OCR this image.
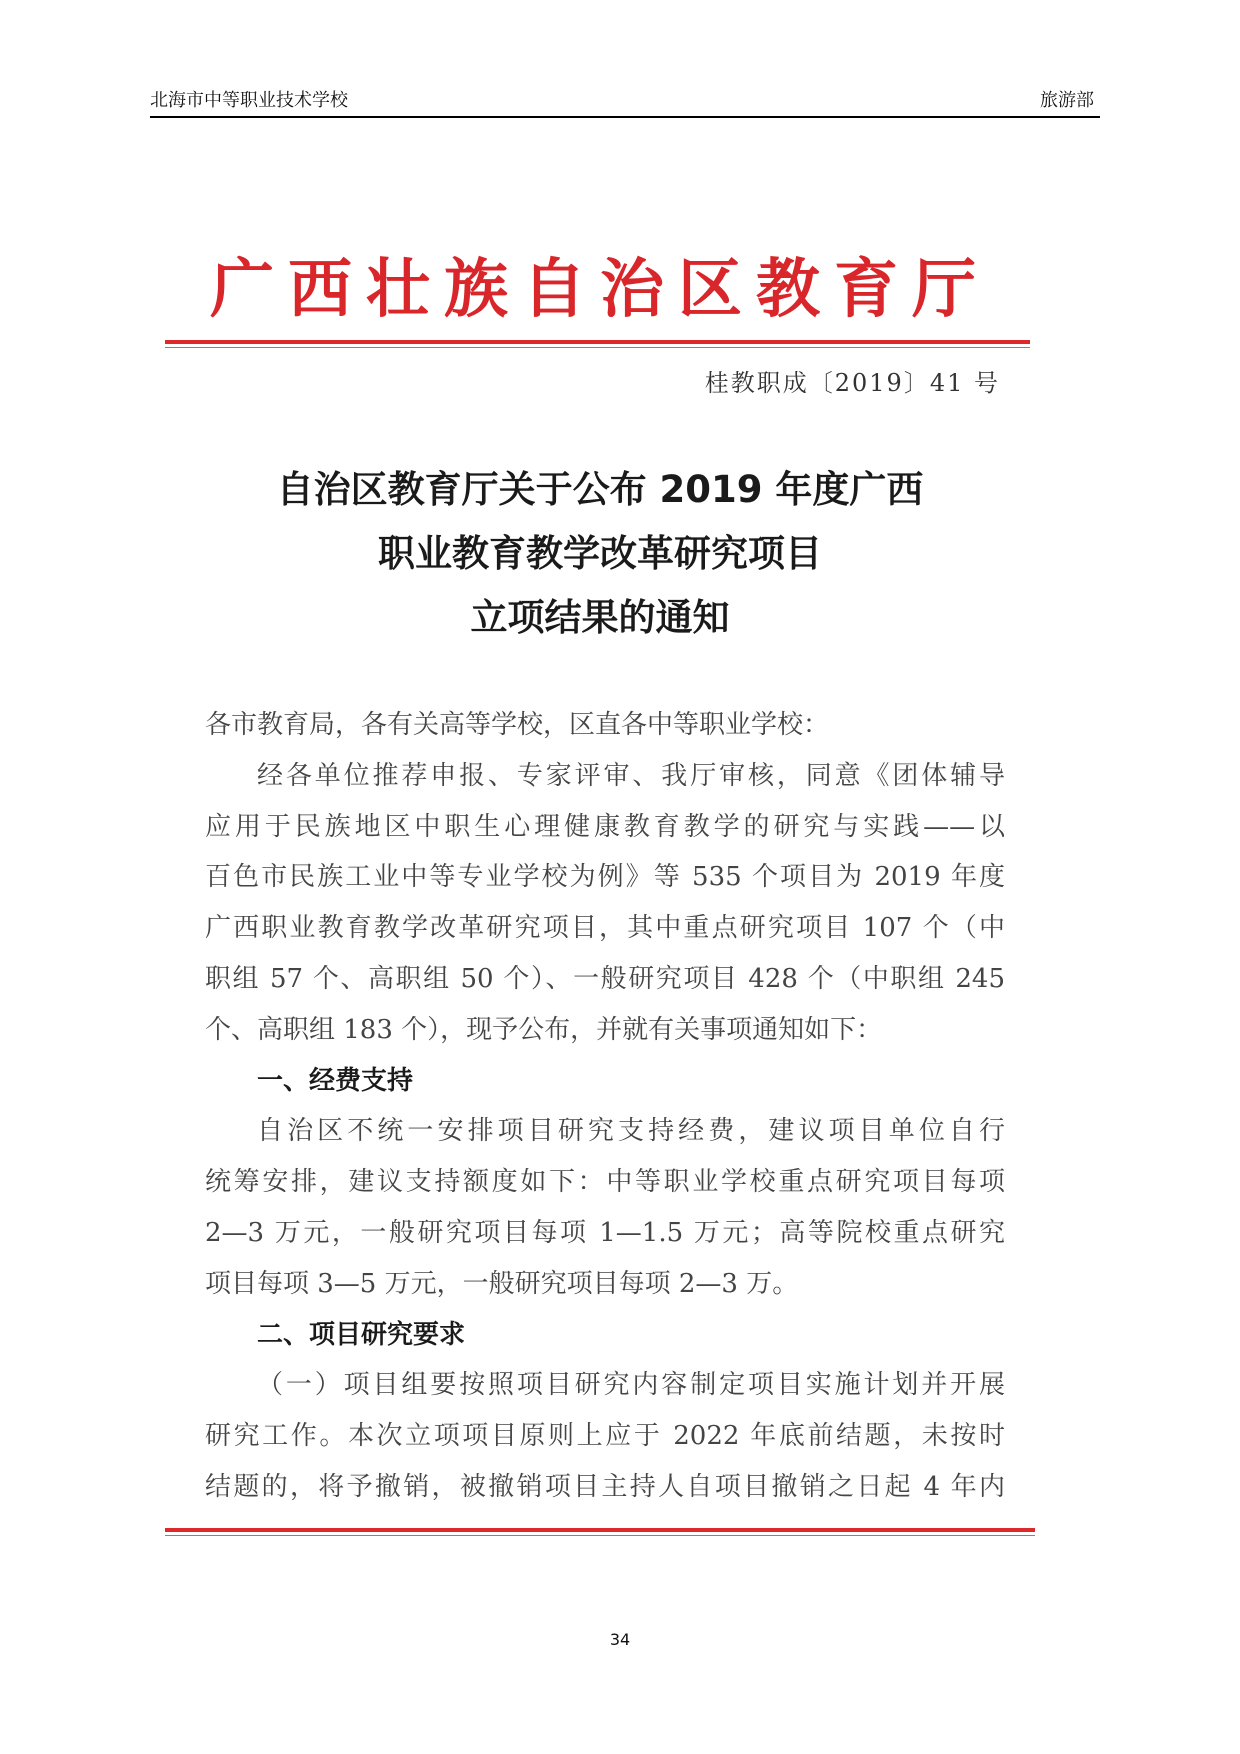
北海市中等职业技术学校	旅游部
广西壮族自治区教育厅
桂教职成〔2019〕41 号
自治区教育厅关于公布 2019 年度广西
职业教育教学改革研究项目
立项结果的通知
各市教育局，各有关高等学校，区直各中等职业学校：
经各单位推荐申报、专家评审、我厅审核，同意《团体辅导
应用于民族地区中职生心理健康教育教学的研究与实践——以
百色市民族工业中等专业学校为例》等 535 个项目为 2019 年度
广西职业教育教学改革研究项目，其中重点研究项目 107 个（中
职组 57 个、高职组 50 个）、一般研究项目 428 个（中职组 245
个、高职组 183 个），现予公布，并就有关事项通知如下：
一、经费支持
自治区不统一安排项目研究支持经费，建议项目单位自行
统筹安排，建议支持额度如下：中等职业学校重点研究项目每项
2—3 万元，一般研究项目每项 1—1.5 万元；高等院校重点研究
项目每项 3—5 万元，一般研究项目每项 2—3 万。
二、项目研究要求
（一）项目组要按照项目研究内容制定项目实施计划并开展
研究工作。本次立项项目原则上应于 2022 年底前结题，未按时
结题的，将予撤销，被撤销项目主持人自项目撤销之日起 4 年内
34
